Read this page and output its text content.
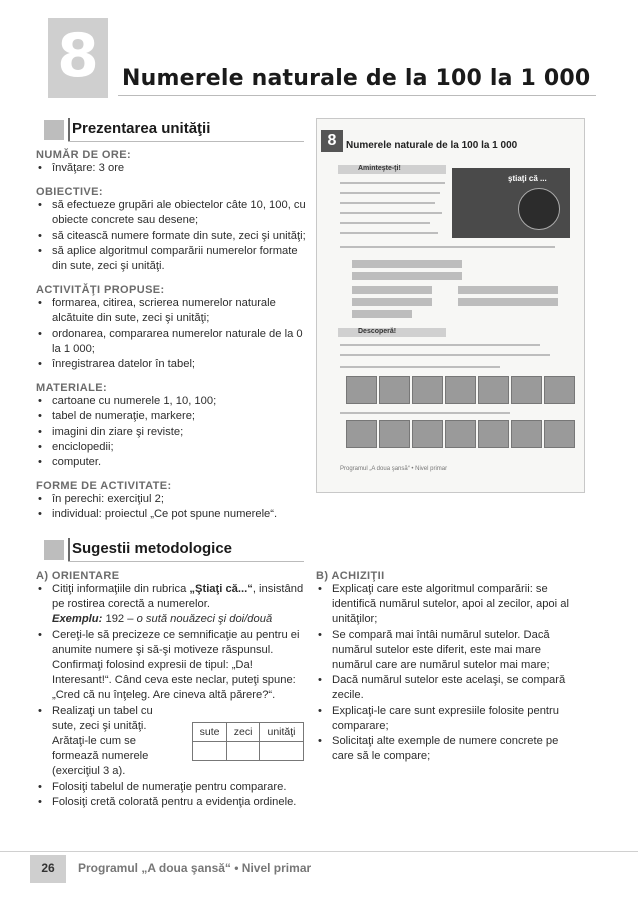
8	Numerele naturale de la 100 la 1 000
Prezentarea unităţii
NUMĂR DE ORE:
• învăţare: 3 ore
OBIECTIVE:
• să efectueze grupări ale obiectelor câte 10, 100, cu obiecte concrete sau desene;
• să citească numere formate din sute, zeci şi unităţi;
• să aplice algoritmul comparării numerelor formate din sute, zeci şi unităţi.
ACTIVITĂŢI PROPUSE:
• formarea, citirea, scrierea numerelor naturale alcătuite din sute, zeci şi unităţi;
• ordonarea, compararea numerelor naturale de la 0 la 1 000;
• înregistrarea datelor în tabel;
MATERIALE:
• cartoane cu numerele 1, 10, 100;
• tabel de numeraţie, markere;
• imagini din ziare şi reviste;
• enciclopedii;
• computer.
FORME DE ACTIVITATE:
• în perechi: exerciţiul 2;
• individual: proiectul „Ce pot spune numerele“.
8 Numerele naturale de la 100 la 1 000
Aminteşte-ţi!
ştiaţi că ...
Descoperă!
Programul „A doua şansă“ • Nivel primar
Sugestii metodologice
A) ORIENTARE
• Citiţi informaţiile din rubrica „Ştiaţi că...“, insistând pe rostirea corectă a numerelor.
Exemplu: 192 – o sută nouăzeci şi doi/două
• Cereţi-le să precizeze ce semnificaţie au pentru ei anumite numere şi să-şi motiveze răspunsul. Confirmaţi folosind expresii de tipul: „Da! Interesant!“. Când ceva este neclar, puteţi spune: „Cred că nu înţeleg. Are cineva altă părere?“.
• Realizaţi un tabel cu sute, zeci şi unităţi. Arătaţi-le cum se formează numerele (exerciţiul 3 a).
• Folosiţi tabelul de numeraţie pentru comparare.
• Folosiţi cretă colorată pentru a evidenţia ordinele.
sute	zeci	unităţi

B) ACHIZIŢII
• Explicaţi care este algoritmul comparării: se identifică numărul sutelor, apoi al zecilor, apoi al unităţilor;
• Se compară mai întâi numărul sutelor. Dacă numărul sutelor este diferit, este mai mare numărul care are numărul sutelor mai mare;
• Dacă numărul sutelor este acelaşi, se compară zecile.
• Explicaţi-le care sunt expresiile folosite pentru comparare;
• Solicitaţi alte exemple de numere concrete pe care să le compare;
26	Programul „A doua şansă“ • Nivel primar
